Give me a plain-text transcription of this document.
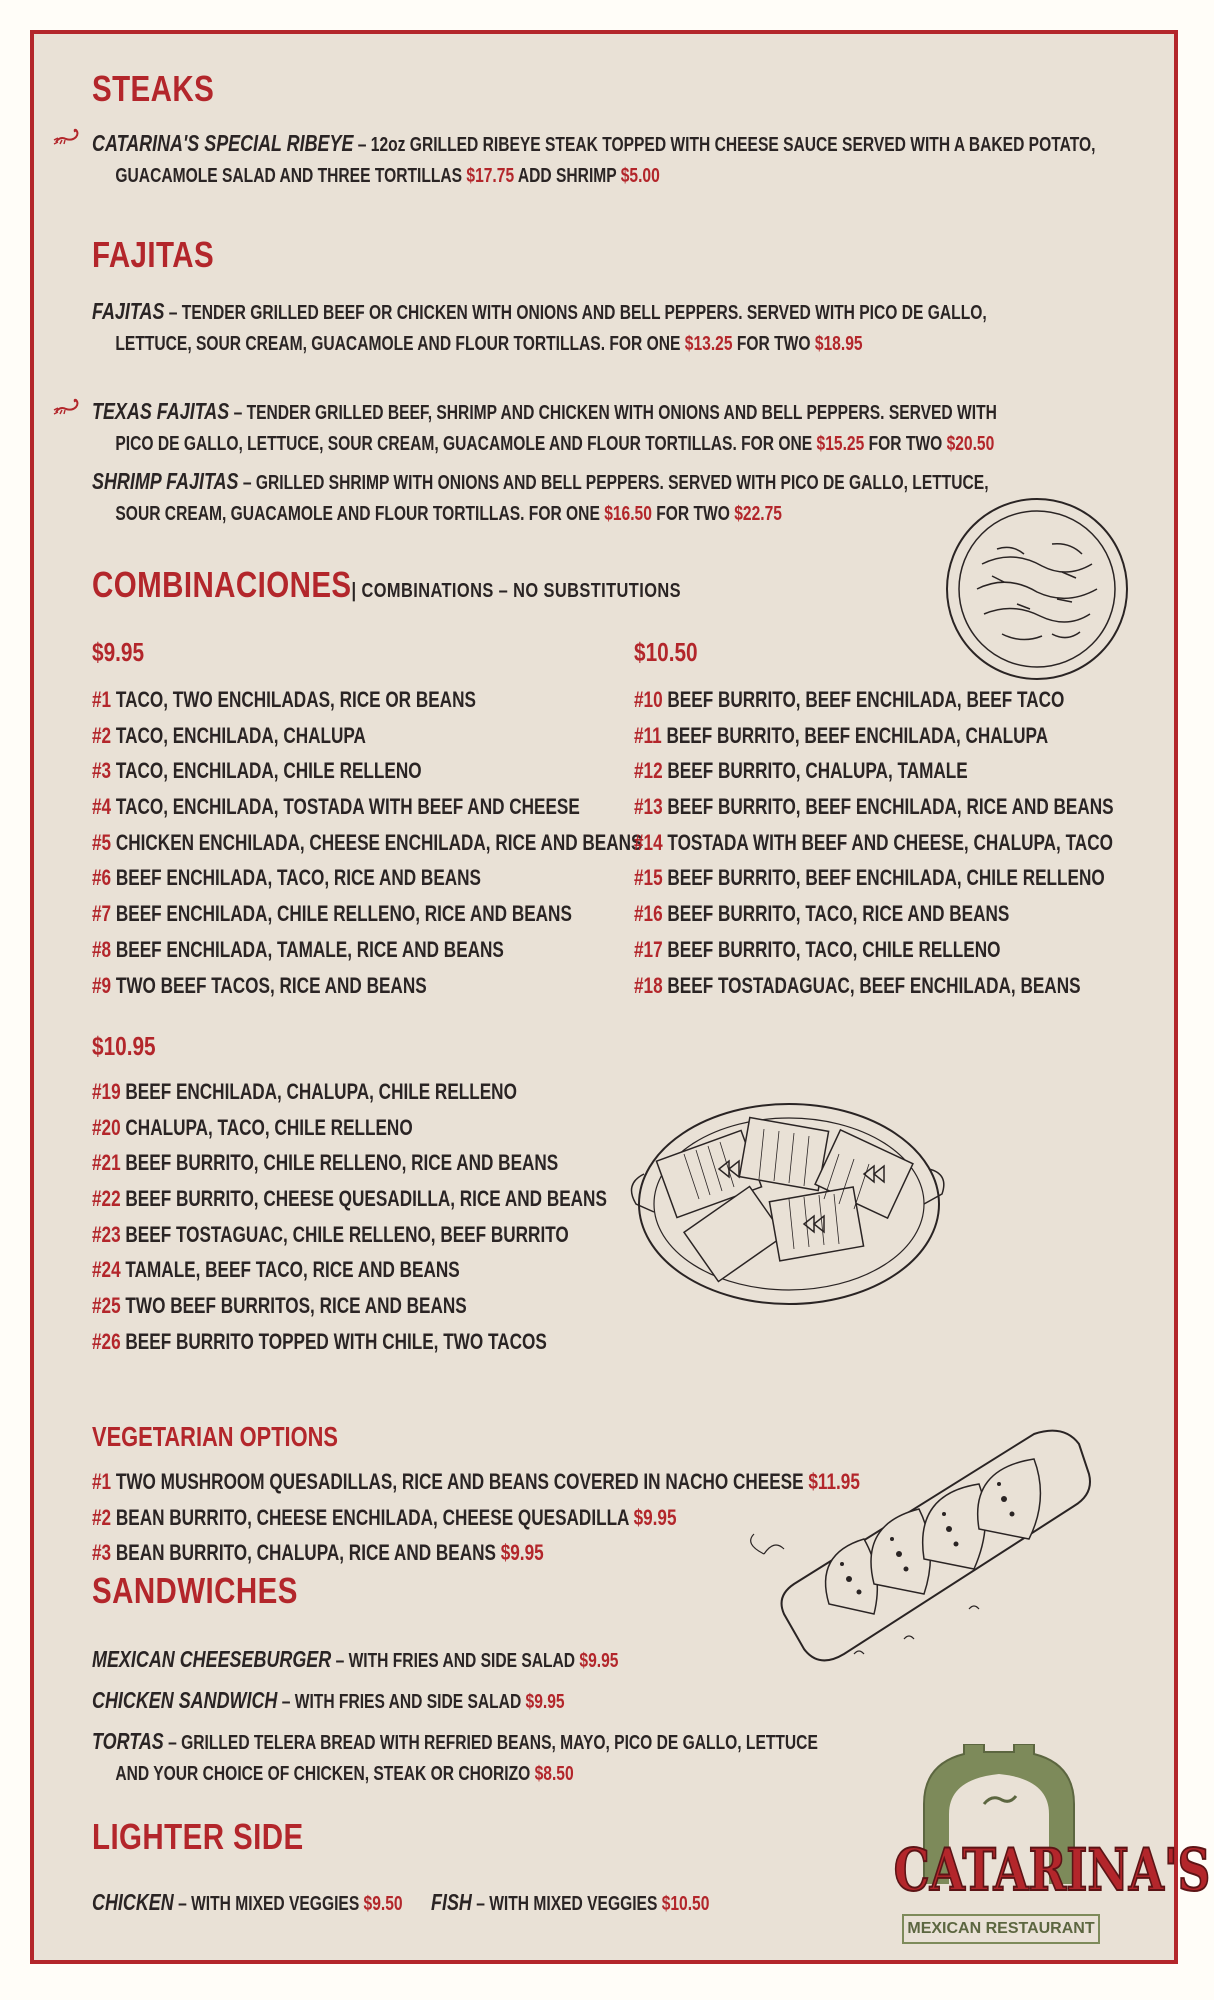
STEAKS
CATARINA'S SPECIAL RIBEYE – 12oz GRILLED RIBEYE STEAK TOPPED WITH CHEESE SAUCE SERVED WITH A BAKED POTATO,
GUACAMOLE SALAD AND THREE TORTILLAS $17.75 ADD SHRIMP $5.00
FAJITAS
FAJITAS – TENDER GRILLED BEEF OR CHICKEN WITH ONIONS AND BELL PEPPERS. SERVED WITH PICO DE GALLO,
LETTUCE, SOUR CREAM, GUACAMOLE AND FLOUR TORTILLAS. FOR ONE $13.25 FOR TWO $18.95
TEXAS FAJITAS – TENDER GRILLED BEEF, SHRIMP AND CHICKEN WITH ONIONS AND BELL PEPPERS. SERVED WITH
PICO DE GALLO, LETTUCE, SOUR CREAM, GUACAMOLE AND FLOUR TORTILLAS. FOR ONE $15.25 FOR TWO $20.50
SHRIMP FAJITAS – GRILLED SHRIMP WITH ONIONS AND BELL PEPPERS. SERVED WITH PICO DE GALLO, LETTUCE,
SOUR CREAM, GUACAMOLE AND FLOUR TORTILLAS. FOR ONE $16.50 FOR TWO $22.75
COMBINACIONES| COMBINATIONS – NO SUBSTITUTIONS
$9.95
#1 TACO, TWO ENCHILADAS, RICE OR BEANS
#2 TACO, ENCHILADA, CHALUPA
#3 TACO, ENCHILADA, CHILE RELLENO
#4 TACO, ENCHILADA, TOSTADA WITH BEEF AND CHEESE
#5 CHICKEN ENCHILADA, CHEESE ENCHILADA, RICE AND BEANS
#6 BEEF ENCHILADA, TACO, RICE AND BEANS
#7 BEEF ENCHILADA, CHILE RELLENO, RICE AND BEANS
#8 BEEF ENCHILADA, TAMALE, RICE AND BEANS
#9 TWO BEEF TACOS, RICE AND BEANS
$10.50
#10 BEEF BURRITO, BEEF ENCHILADA, BEEF TACO
#11 BEEF BURRITO, BEEF ENCHILADA, CHALUPA
#12 BEEF BURRITO, CHALUPA, TAMALE
#13 BEEF BURRITO, BEEF ENCHILADA, RICE AND BEANS
#14 TOSTADA WITH BEEF AND CHEESE, CHALUPA, TACO
#15 BEEF BURRITO, BEEF ENCHILADA, CHILE RELLENO
#16 BEEF BURRITO, TACO, RICE AND BEANS
#17 BEEF BURRITO, TACO, CHILE RELLENO
#18 BEEF TOSTADAGUAC, BEEF ENCHILADA, BEANS
$10.95
#19 BEEF ENCHILADA, CHALUPA, CHILE RELLENO
#20 CHALUPA, TACO, CHILE RELLENO
#21 BEEF BURRITO, CHILE RELLENO, RICE AND BEANS
#22 BEEF BURRITO, CHEESE QUESADILLA, RICE AND BEANS
#23 BEEF TOSTAGUAC, CHILE RELLENO, BEEF BURRITO
#24 TAMALE, BEEF TACO, RICE AND BEANS
#25 TWO BEEF BURRITOS, RICE AND BEANS
#26 BEEF BURRITO TOPPED WITH CHILE, TWO TACOS
VEGETARIAN OPTIONS
#1 TWO MUSHROOM QUESADILLAS, RICE AND BEANS COVERED IN NACHO CHEESE $11.95
#2 BEAN BURRITO, CHEESE ENCHILADA, CHEESE QUESADILLA $9.95
#3 BEAN BURRITO, CHALUPA, RICE AND BEANS $9.95
SANDWICHES
MEXICAN CHEESEBURGER – WITH FRIES AND SIDE SALAD $9.95
CHICKEN SANDWICH – WITH FRIES AND SIDE SALAD $9.95
TORTAS – GRILLED TELERA BREAD WITH REFRIED BEANS, MAYO, PICO DE GALLO, LETTUCE
AND YOUR CHOICE OF CHICKEN, STEAK OR CHORIZO $8.50
LIGHTER SIDE
CHICKEN – WITH MIXED VEGGIES $9.50 FISH – WITH MIXED VEGGIES $10.50	CATARINA'S
MEXICAN RESTAURANT
